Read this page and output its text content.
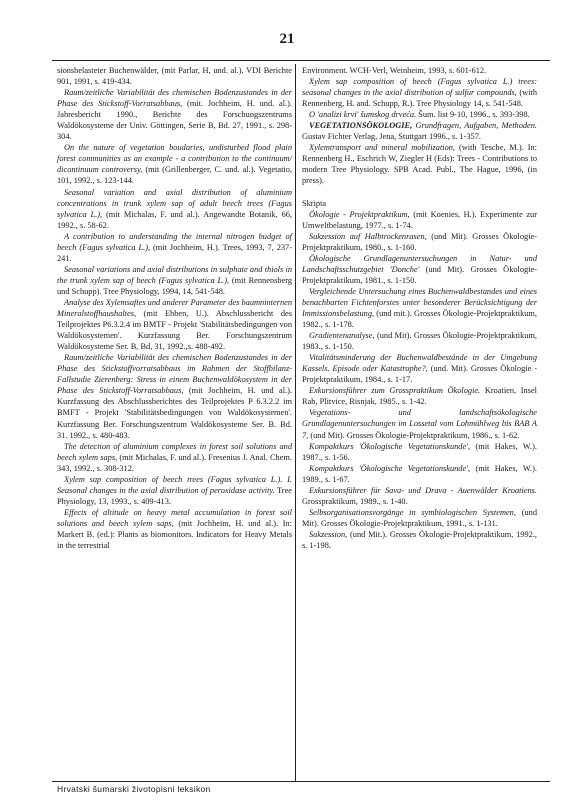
21

sionsbelasteter Buchenwälder, (mit Parlar, H, und. al.). VDI Berichte 901, 1991, s. 419-434.

Raum/zeitliche Variabilität des chemischen Bodenzustandes in der Phase des Stickstoff-Vorratsabbaus, (mit. Jochheim, H. und. al.). Jahresbericht 1990., Berichte des Forschungszentrums Waldökosysteme der Univ. Göttingen, Serie B, Bd. 27, 1991., s. 298-304.

On the nature of vegetation boudaries, undisturbed flood plain forest communities as an example - a contribution to the continuum/ dicontinuum controversy, (mit (Grillenberger, C. und. al.). Vegetatio, 101, 1992., s. 123-144.

Seasonal variation and axial distribution of aluminium concentrations in trunk xylem sap of adult beech trees (Fagus sylvatica L.), (mit Michalas, F. und al.). Angewandte Botanik, 66, 1992., s. 58-62.

A contribution to understanding the internal nitrogen budget of beech (Fagus sylvatica L.), (mit Jochheim, H.). Trees, 1993, 7, 237-241.

Seasonal variations and axial distributions in sulphate and thiols in the trunk xylem sap of beech (Fagus sylvatica L.), (mit Rennensberg und Schupp). Tree Physiology, 1994, 14, 541-548.

Analyse des Xylemsaftes und anderer Parameter des baumninternen Mineralstoffhaushaltes, (mit Ebben, U.). Abschlussbericht des Teilprojektes P6.3.2.4 im BMTF - Projekt 'Stabilitätsbedingungen von Waldökosystemen'. Kurzfassung Ber. Forschungszentrum Waldökosysteme Ser. B, Bd, 31, 1992.,s. 488-492.

Raum/zeitliche Variabilität des chemischen Bodenzustandes in der Phase des Stickstoffvorratsabbaus im Rahmen der Stoffbilanz-Fallstudie Zierenberg: Stress in einem Buchenwaldökosystem in der Phase des Stickstoff-Vorratsabbaus, (mit Jochheim, H. und al.). Kurzfassung des Abschlussberichtes des Teilprojektes P 6.3.2.2 im BMFT - Projekt 'Stabilitätsbedingungen von Waldökosystemen'. Kurzfassung Ber. Forschungszentrum Waldökosysteme Ser. B. Bd. 31. 1992., s. 480-483.

The detection of aluminium complexes in forest soil solutions and beech xylem saps, (mit Michalas, F. und al.). Fresenius J. Anal. Chem. 343, 1992., s. 308-312.

Xylem sap composition of beech trees (Fagus sylvatica L.). I. Seasonal changes in the axial distribution of peroxidase activity. Tree Physiology, 13, 1993., s. 409-413.

Effects of altitude on heavy metal accumulation in forest soil solutions and beech xylem saps, (mit Jochheim, H. und al.). In: Markert B. (ed.): Plants as biomonitors. Indicators for Heavy Metals in the terrestrial

Environment. WCH-Verl, Weinheim, 1993, s. 601-612.

Xylem sap composition of beech (Fagus sylvatica L.) trees: seasonal changes in the axial distribution of sulfur compounds, (with Rennenberg, H. and. Schupp, R.). Tree Physiology 14, s. 541-548.

O 'analizi krvi' šumskog drveća. Šum. list 9-10, 1996., s. 393-398.

VEGETATIONSÖKOLOGIE, Grundfragen, Aufgaben, Methoden. Gustav Fichter Verlag, Jena, Stuttgart 1996., s. 1-357.

Xylemtransport and mineral mobilization, (with Tesche, M.). In: Rennenberg H., Eschrich W, Ziegler H (Eds): Trees - Contributions to modern Tree Physiology. SPB Acad. Publ., The Hague, 1996, (in press).

Skripta

Ökologie - Projektpraktikum, (mit Koenies, H.). Experimente zur Umweltbelastung, 1977., s. 1-74.

Sukzession auf Halbtrockenrasen, (und Mit). Grosses Ökologie-Projektpraktikum, 1980., s. 1-160.

Ökologische Grundlagenuntersuchungen in Natur- und Landschaftsschutzgebiet 'Donche' (und Mit). Grosses Ökologie-Projektpraktikum, 1981., s. 1-150.

Vergleichende Untersuchung eines Buchenwaldbestandes und eines benachbarten Fichtenforstes unter besonderer Berücksichtigung der Immissionsbelastung, (und mit.). Grosses Ökologie-Projektpraktikum, 1982., s. 1-178.

Gradientenanalyse, (und Mit). Grosses Ökologie-Projektpraktikum, 1983., s. 1-150.

Vitalitätsminderung der Buchenwaldbestände in der Umgebung Kassels. Episode oder Katastrophe?, (und. Mit). Grosses Ökologie - Projektpraktikum, 1984., s. 1-17.

Exkursionsführer zum Grosspraktikum Ökologie. Kroatien, Insel Rab, Plitvice, Risnjak, 1985., s. 1-42.

Vegetations- und landschaftsökologische Grundlagenuntersuchungen im Lossetal vom Lohmühlweg bis BAB A 7, (und Mit). Grosses Ökologie-Projektpraktikum, 1986., s. 1-62.

Kompaktkurs 'Ökologische Vegetationskunde', (mit Hakes, W.). 1987., s. 1-56.

Kompaktkurs 'Ökologische Vegetationskunde', (mit Hakes, W.). 1989., s. 1-67.

Exkursionsführer für Sava- und Drava - Auenwälder Kroatiens. Grosspraktikum, 1989., s. 1-40.

Selbsorganisationsvorgänge in symbiologischen Systemen, (und Mit). Grosses Ökologie-Projektpraktikum, 1991., s. 1-131.

Sukzession, (und Mit.). Grosses Ökologie-Projektpraktikum, 1992., s. 1-198.

Hrvatski šumarski životopisni leksikon
